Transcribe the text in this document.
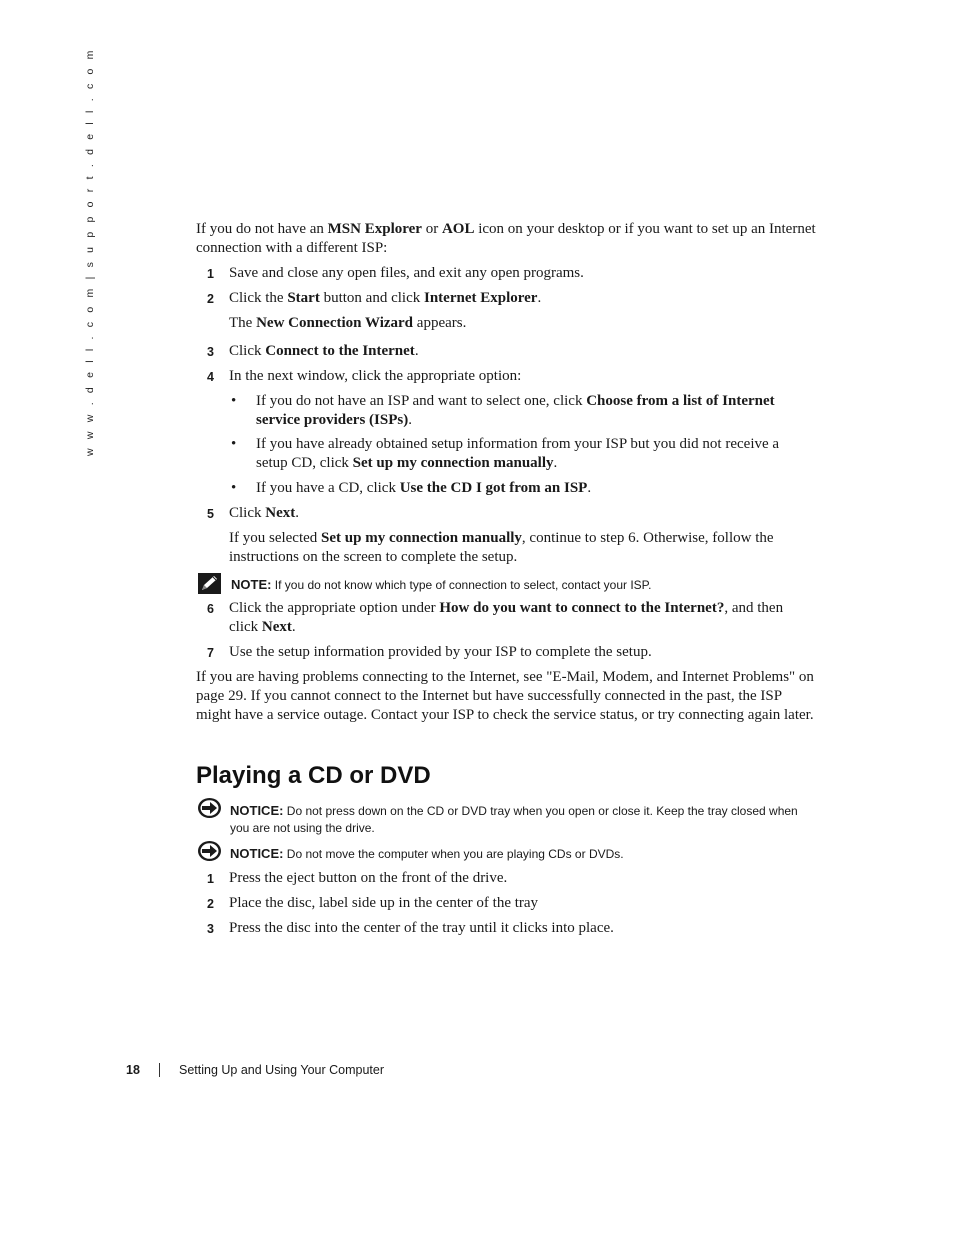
w w w . d e l l . c o m | s u p p o r t . d e l l . c o m	If you do not have an MSN Explorer or AOL icon on your desktop or if you want to set up an Internet connection with a different ISP:

1 Save and close any open files, and exit any open programs.

2 Click the Start button and click Internet Explorer.

The New Connection Wizard appears.

3 Click Connect to the Internet.

4 In the next window, click the appropriate option:

• If you do not have an ISP and want to select one, click Choose from a list of Internet service providers (ISPs).

• If you have already obtained setup information from your ISP but you did not receive a setup CD, click Set up my connection manually.

• If you have a CD, click Use the CD I got from an ISP.

5 Click Next.

If you selected Set up my connection manually, continue to step 6. Otherwise, follow the instructions on the screen to complete the setup.

NOTE: If you do not know which type of connection to select, contact your ISP.
6 Click the appropriate option under How do you want to connect to the Internet?, and then click Next.

7 Use the setup information provided by your ISP to complete the setup.

If you are having problems connecting to the Internet, see "E-Mail, Modem, and Internet Problems" on page 29. If you cannot connect to the Internet but have successfully connected in the past, the ISP might have a service outage. Contact your ISP to check the service status, or try connecting again later.

Playing a CD or DVD
NOTICE: Do not press down on the CD or DVD tray when you open or close it. Keep the tray closed when you are not using the drive.
NOTICE: Do not move the computer when you are playing CDs or DVDs.
1 Press the eject button on the front of the drive.

2 Place the disc, label side up in the center of the tray

3 Press the disc into the center of the tray until it clicks into place.

18	Setting Up and Using Your Computer
